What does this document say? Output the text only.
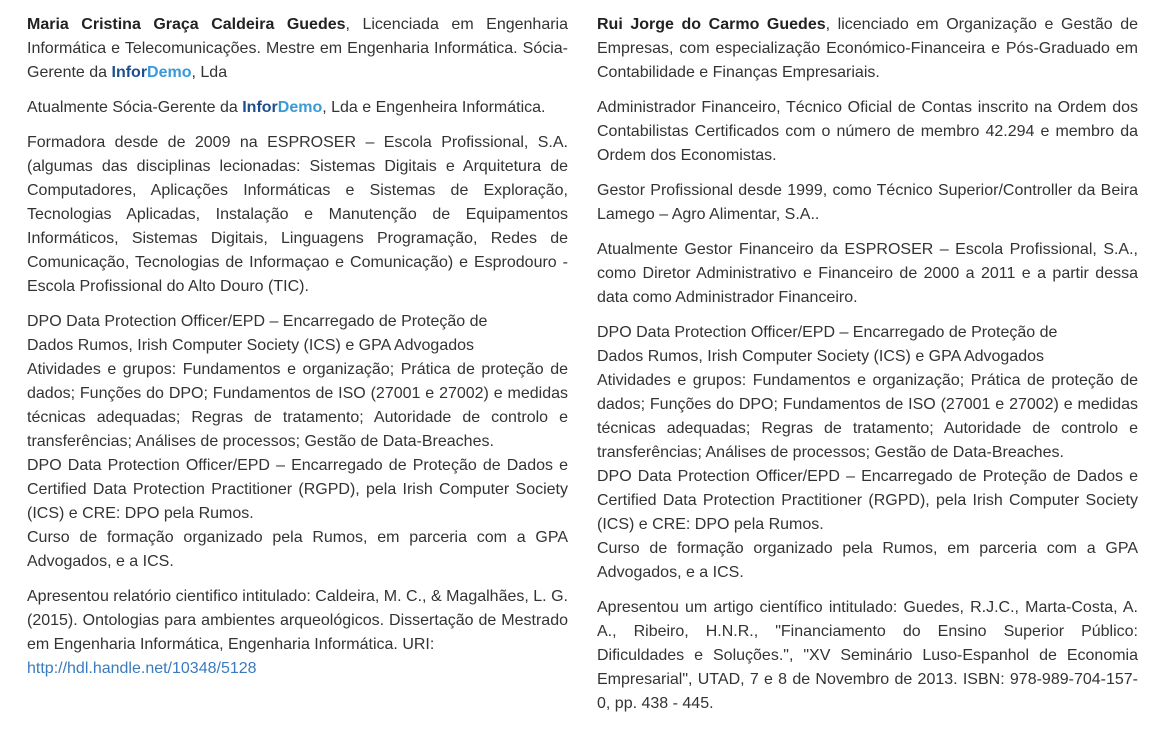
Maria Cristina Graça Caldeira Guedes, Licenciada em Engenharia Informática e Telecomunicações. Mestre em Engenharia Informática. Sócia-Gerente da InforDemo, Lda

Atualmente Sócia-Gerente da InforDemo, Lda e Engenheira Informática.

Formadora desde de 2009 na ESPROSER – Escola Profissional, S.A. (algumas das disciplinas lecionadas: Sistemas Digitais e Arquitetura de Computadores, Aplicações Informáticas e Sistemas de Exploração, Tecnologias Aplicadas, Instalação e Manutenção de Equipamentos Informáticos, Sistemas Digitais, Linguagens Programação, Redes de Comunicação, Tecnologias de Informaçao e Comunicação) e Esprodouro - Escola Profissional do Alto Douro (TIC).

DPO Data Protection Officer/EPD – Encarregado de Proteção de
Dados Rumos, Irish Computer Society (ICS) e GPA Advogados
Atividades e grupos: Fundamentos e organização; Prática de proteção de dados; Funções do DPO; Fundamentos de ISO (27001 e 27002) e medidas técnicas adequadas; Regras de tratamento; Autoridade de controlo e transferências; Análises de processos; Gestão de Data-Breaches.
DPO Data Protection Officer/EPD – Encarregado de Proteção de Dados e Certified Data Protection Practitioner (RGPD), pela Irish Computer Society (ICS) e CRE: DPO pela Rumos.
Curso de formação organizado pela Rumos, em parceria com a GPA Advogados, e a ICS.

Apresentou relatório cientifico intitulado: Caldeira, M. C., & Magalhães, L. G. (2015). Ontologias para ambientes arqueológicos. Dissertação de Mestrado em Engenharia Informática, Engenharia Informática. URI:
http://hdl.handle.net/10348/5128

Rui Jorge do Carmo Guedes, licenciado em Organização e Gestão de Empresas, com especialização Económico-Financeira e Pós-Graduado em Contabilidade e Finanças Empresariais.

Administrador Financeiro, Técnico Oficial de Contas inscrito na Ordem dos Contabilistas Certificados com o número de membro 42.294 e membro da Ordem dos Economistas.

Gestor Profissional desde 1999, como Técnico Superior/Controller da Beira Lamego – Agro Alimentar, S.A..

Atualmente Gestor Financeiro da ESPROSER – Escola Profissional, S.A., como Diretor Administrativo e Financeiro de 2000 a 2011 e a partir dessa data como Administrador Financeiro.

DPO Data Protection Officer/EPD – Encarregado de Proteção de
Dados Rumos, Irish Computer Society (ICS) e GPA Advogados
Atividades e grupos: Fundamentos e organização; Prática de proteção de dados; Funções do DPO; Fundamentos de ISO (27001 e 27002) e medidas técnicas adequadas; Regras de tratamento; Autoridade de controlo e transferências; Análises de processos; Gestão de Data-Breaches.
DPO Data Protection Officer/EPD – Encarregado de Proteção de Dados e Certified Data Protection Practitioner (RGPD), pela Irish Computer Society (ICS) e CRE: DPO pela Rumos.
Curso de formação organizado pela Rumos, em parceria com a GPA Advogados, e a ICS.

Apresentou um artigo científico intitulado: Guedes, R.J.C., Marta-Costa, A. A., Ribeiro, H.N.R., "Financiamento do Ensino Superior Público: Dificuldades e Soluções.", "XV Seminário Luso-Espanhol de Economia Empresarial", UTAD, 7 e 8 de Novembro de 2013. ISBN: 978-989-704-157-0, pp. 438 - 445.
